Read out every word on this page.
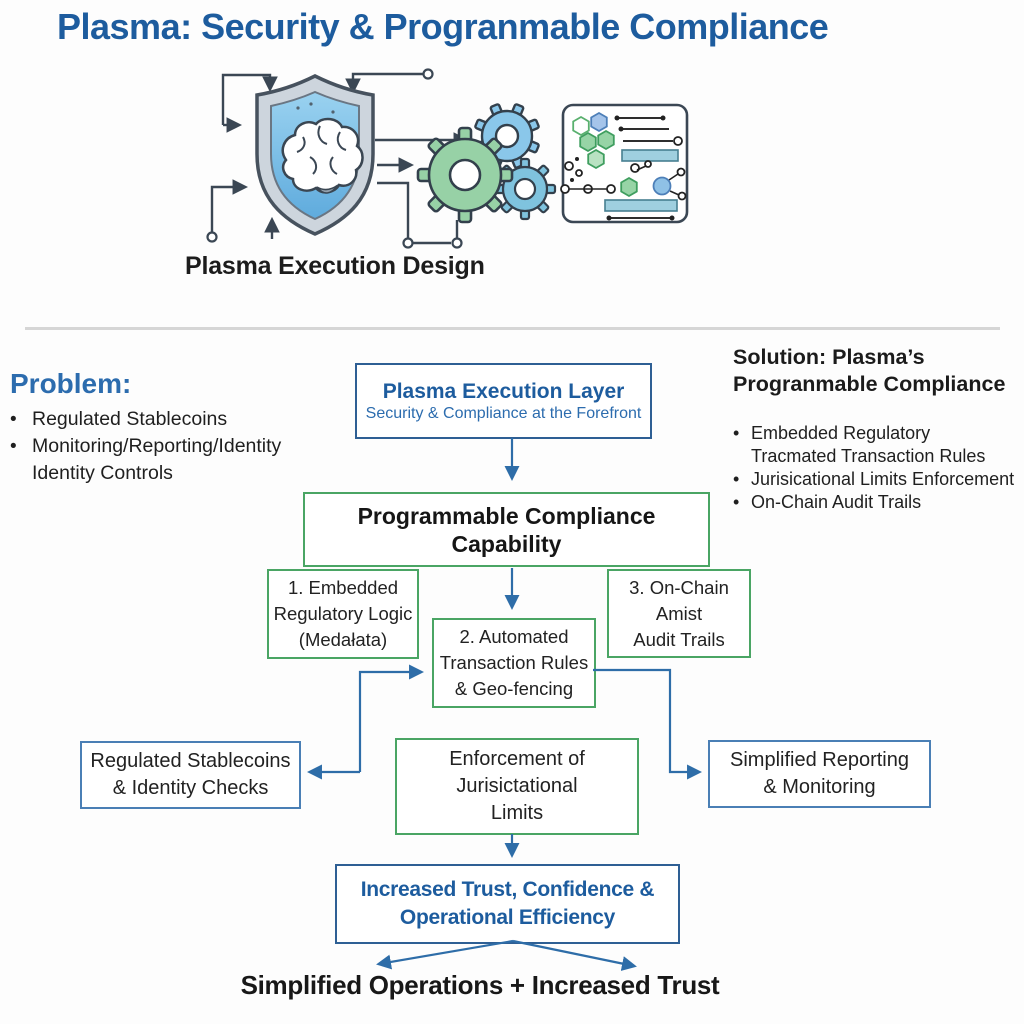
Plasma: Security & Progranmable Compliance
Plasma Execution Design
Problem:
• Regulated Stablecoins
• Monitoring/Reporting/Identity
Identity Controls
Solution: Plasma’s
Progranmable Compliance
• Embedded Regulatory
Tracmated Transaction Rules
• Jurisicational Limits Enforcement
• On-Chain Audit Trails
Plasma Execution Layer
Security & Compliance at the Forefront
Programmable Compliance
Capability
1. Embedded
Regulatory Logic
(Medałata)	2. Automated
Transaction Rules
& Geo-fencing
3. On-Chain
Amist
Audit Trails
Regulated Stablecoins
& Identity Checks
Enforcement of
Jurisictational
Limits
Simplified Reporting
& Monitoring
Increased Trust, Confidence &
Operational Efficiency
Simplified Operations + Increased Trust
